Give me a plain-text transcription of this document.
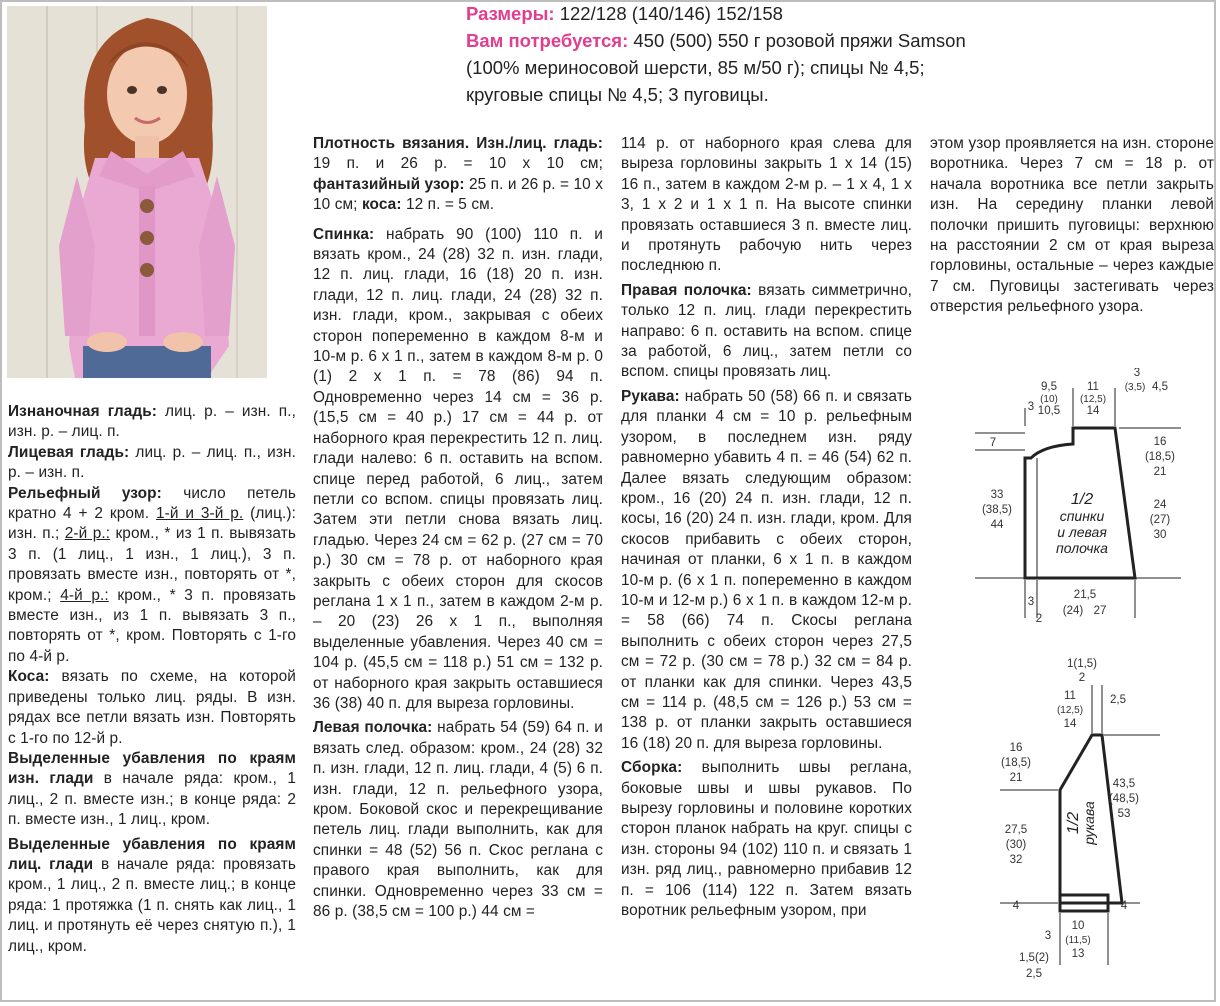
Размеры: 122/128 (140/146) 152/158
Вам потребуется: 450 (500) 550 г розовой пряжи Samson
(100% мериносовой шерсти, 85 м/50 г); спицы № 4,5;
круговые спицы № 4,5; 3 пуговицы.

Изнаночная гладь: лиц. р. – изн. п., изн. р. – лиц. п.

Лицевая гладь: лиц. р. – лиц. п., изн. р. – изн. п.

Рельефный узор: число петель кратно 4 + 2 кром. 1-й и 3-й р. (лиц.): изн. п.; 2-й р.: кром., * из 1 п. вывязать 3 п. (1 лиц., 1 изн., 1 лиц.), 3 п. провязать вместе изн., повторять от *, кром.; 4-й р.: кром., * 3 п. провязать вместе изн., из 1 п. вывязать 3 п., повторять от *, кром. Повторять с 1-го по 4-й р.

Коса: вязать по схеме, на которой приведены только лиц. ряды. В изн. рядах все петли вязать изн. Повторять с 1-го по 12-й р.

Выделенные убавления по краям изн. глади в начале ряда: кром., 1 лиц., 2 п. вместе изн.; в конце ряда: 2 п. вместе изн., 1 лиц., кром.

Выделенные убавления по краям лиц. глади в начале ряда: провязать кром., 1 лиц., 2 п. вместе лиц.; в конце ряда: 1 протяжка (1 п. снять как лиц., 1 лиц. и протянуть её через снятую п.), 1 лиц., кром.

Плотность вязания. Изн./лиц. гладь: 19 п. и 26 р. = 10 х 10 см; фантазийный узор: 25 п. и 26 р. = 10 х 10 см; коса: 12 п. = 5 см.

Спинка: набрать 90 (100) 110 п. и вязать кром., 24 (28) 32 п. изн. глади, 12 п. лиц. глади, 16 (18) 20 п. изн. глади, 12 п. лиц. глади, 24 (28) 32 п. изн. глади, кром., закрывая с обеих сторон попеременно в каждом 8-м и 10-м р. 6 х 1 п., затем в каждом 8-м р. 0 (1) 2 х 1 п. = 78 (86) 94 п. Одновременно через 14 см = 36 р. (15,5 см = 40 р.) 17 см = 44 р. от наборного края перекрестить 12 п. лиц. глади налево: 6 п. оставить на вспом. спице перед работой, 6 лиц., затем петли со вспом. спицы провязать лиц. Затем эти петли снова вязать лиц. гладью. Через 24 см = 62 р. (27 см = 70 р.) 30 см = 78 р. от наборного края закрыть с обеих сторон для скосов реглана 1 х 1 п., затем в каждом 2-м р. – 20 (23) 26 х 1 п., выполняя выделенные убавления. Через 40 см = 104 р. (45,5 см = 118 р.) 51 см = 132 р. от наборного края закрыть оставшиеся 36 (38) 40 п. для выреза горловины.

Левая полочка: набрать 54 (59) 64 п. и вязать след. образом: кром., 24 (28) 32 п. изн. глади, 12 п. лиц. глади, 4 (5) 6 п. изн. глади, 12 п. рельефного узора, кром. Боковой скос и перекрещивание петель лиц. глади выполнить, как для спинки = 48 (52) 56 п. Скос реглана с правого края выполнить, как для спинки. Одновременно через 33 см = 86 р. (38,5 см = 100 р.) 44 см =

114 р. от наборного края слева для выреза горловины закрыть 1 х 14 (15) 16 п., затем в каждом 2-м р. – 1 х 4, 1 х 3, 1 х 2 и 1 х 1 п. На высоте спинки провязать оставшиеся 3 п. вместе лиц. и протянуть рабочую нить через последнюю п.

Правая полочка: вязать симметрично, только 12 п. лиц. глади перекрестить направо: 6 п. оставить на вспом. спице за работой, 6 лиц., затем петли со вспом. спицы провязать лиц.

Рукава: набрать 50 (58) 66 п. и связать для планки 4 см = 10 р. рельефным узором, в последнем изн. ряду равномерно убавить 4 п. = 46 (54) 62 п. Далее вязать следующим образом: кром., 16 (20) 24 п. изн. глади, 12 п. косы, 16 (20) 24 п. изн. глади, кром. Для скосов прибавить с обеих сторон, начиная от планки, 6 х 1 п. в каждом 10-м р. (6 х 1 п. попеременно в каждом 10-м и 12-м р.) 6 х 1 п. в каждом 12-м р. = 58 (66) 74 п. Скосы реглана выполнить с обеих сторон через 27,5 см = 72 р. (30 см = 78 р.) 32 см = 84 р. от планки как для спинки. Через 43,5 см = 114 р. (48,5 см = 126 р.) 53 см = 138 р. от планки закрыть оставшиеся 16 (18) 20 п. для выреза горловины.

Сборка: выполнить швы реглана, боковые швы и швы рукавов. По вырезу горловины и половине коротких сторон планок набрать на круг. спицы с изн. стороны 94 (102) 110 п. и связать 1 изн. ряд лиц., равномерно прибавив 12 п. = 106 (114) 122 п. Затем вязать воротник рельефным узором, при

этом узор проявляется на изн. стороне воротника. Через 7 см = 18 р. от начала воротника все петли закрыть изн. На середину планки левой полочки пришить пуговицы: верхнюю на расстоянии 2 см от края выреза горловины, остальные – через каждые 7 см. Пуговицы застегивать через отверстия рельефного узора.

9,5
(10)
10,5
3
11
(12,5)
14
3
(3,5) 4,5
7
33
(38,5)
44
16
(18,5)
21
24
(27)
30
3
2
21,5
(24) 27
1/2
спинки
и левая
полочка
1(1,5)
2
11
(12,5)
14
2,5
16
(18,5)
21
27,5
(30)
32
4	4
43,5
(48,5)
53
3
10
(11,5)
13
1,5(2)
2,5
1/2 рукава
